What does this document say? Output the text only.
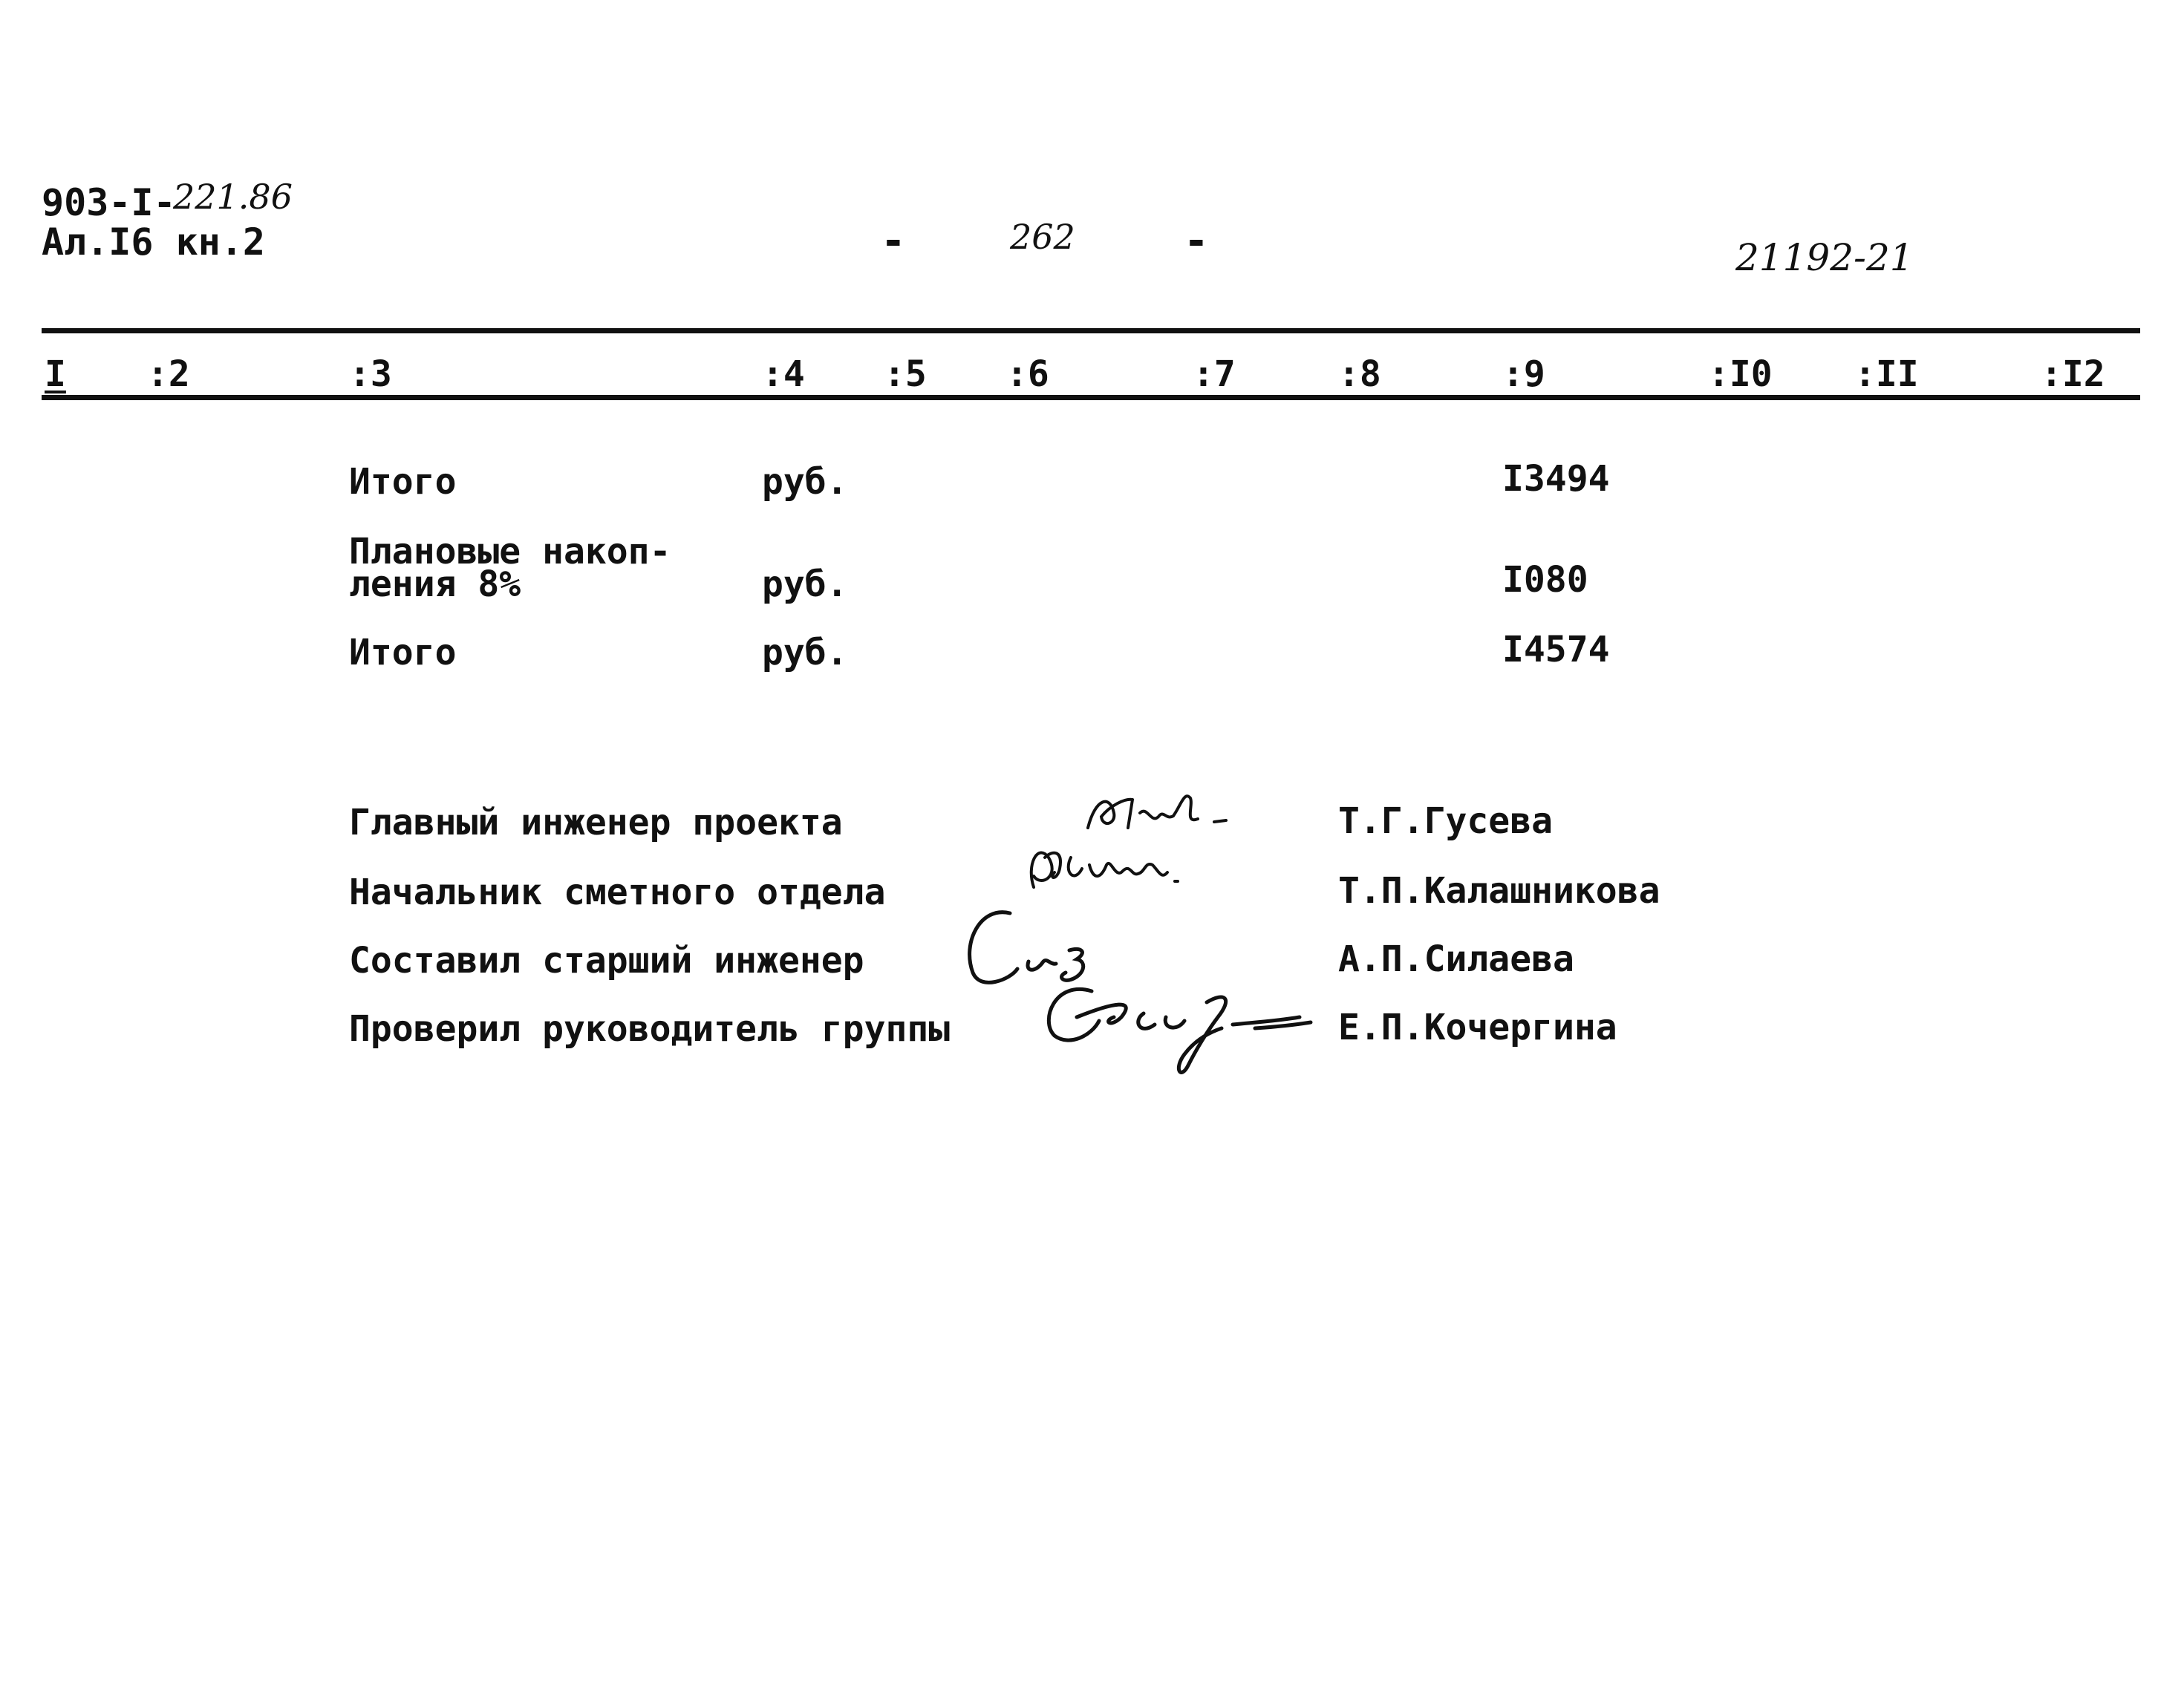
903-I-
221.86
Ал.I6 кн.2	-	262	-	21192-21
I :2	:3	:4 :5 :6	:7	:8	:9	:I0 :II	:I2
Итого	руб.	I3494
Плановые накоп-
ления 8%	руб.	I080
Итого	руб.	I4574
Главный инженер проекта	Т.Г.Гусева
Начальник сметного отдела	Т.П.Калашникова
Составил старший инженер	А.П.Силаева
Проверил руководитель группы	Е.П.Кочергина
